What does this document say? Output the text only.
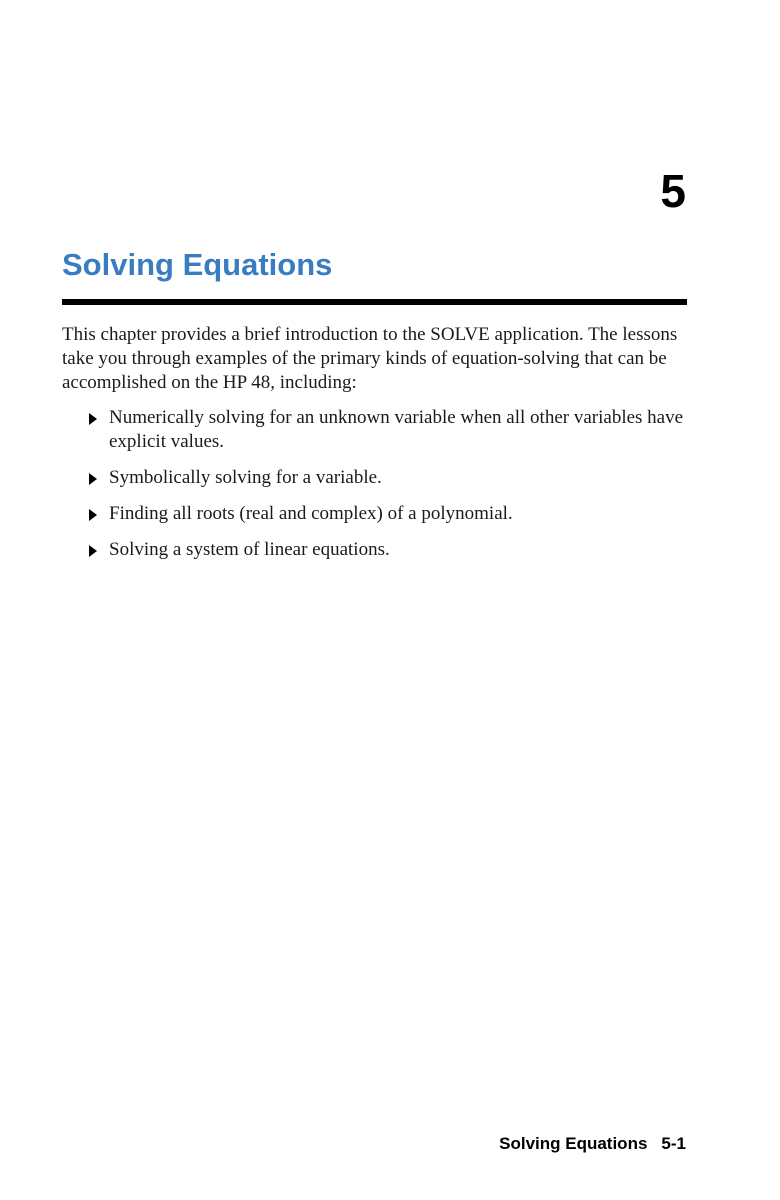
5
Solving Equations

This chapter provides a brief introduction to the SOLVE application. The lessons take you through examples of the primary kinds of equation-solving that can be accomplished on the HP 48, including:

Numerically solving for an unknown variable when all other variables have explicit values.
Symbolically solving for a variable.
Finding all roots (real and complex) of a polynomial.
Solving a system of linear equations.
Solving Equations 5-1
